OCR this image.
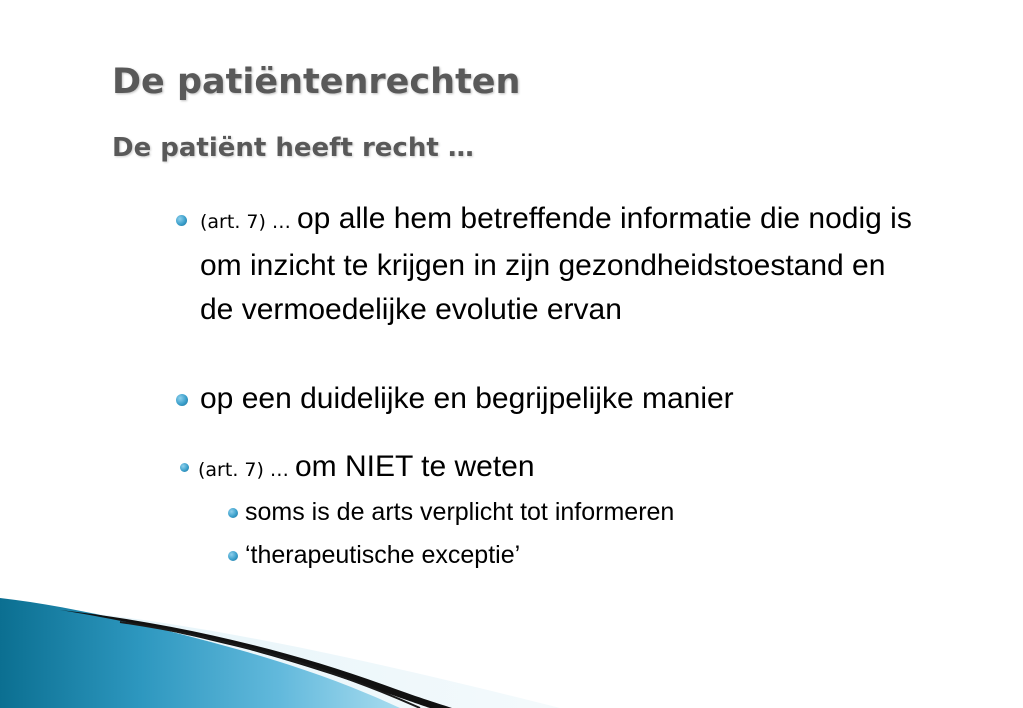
De patiëntenrechten
De patiënt heeft recht …
(art. 7) … op alle hem betreffende informatie die nodig is om inzicht te krijgen in zijn gezondheidstoestand en de vermoedelijke evolutie ervan
op een duidelijke en begrijpelijke manier
(art. 7) … om NIET te weten
soms is de arts verplicht tot informeren
‘therapeutische exceptie’
